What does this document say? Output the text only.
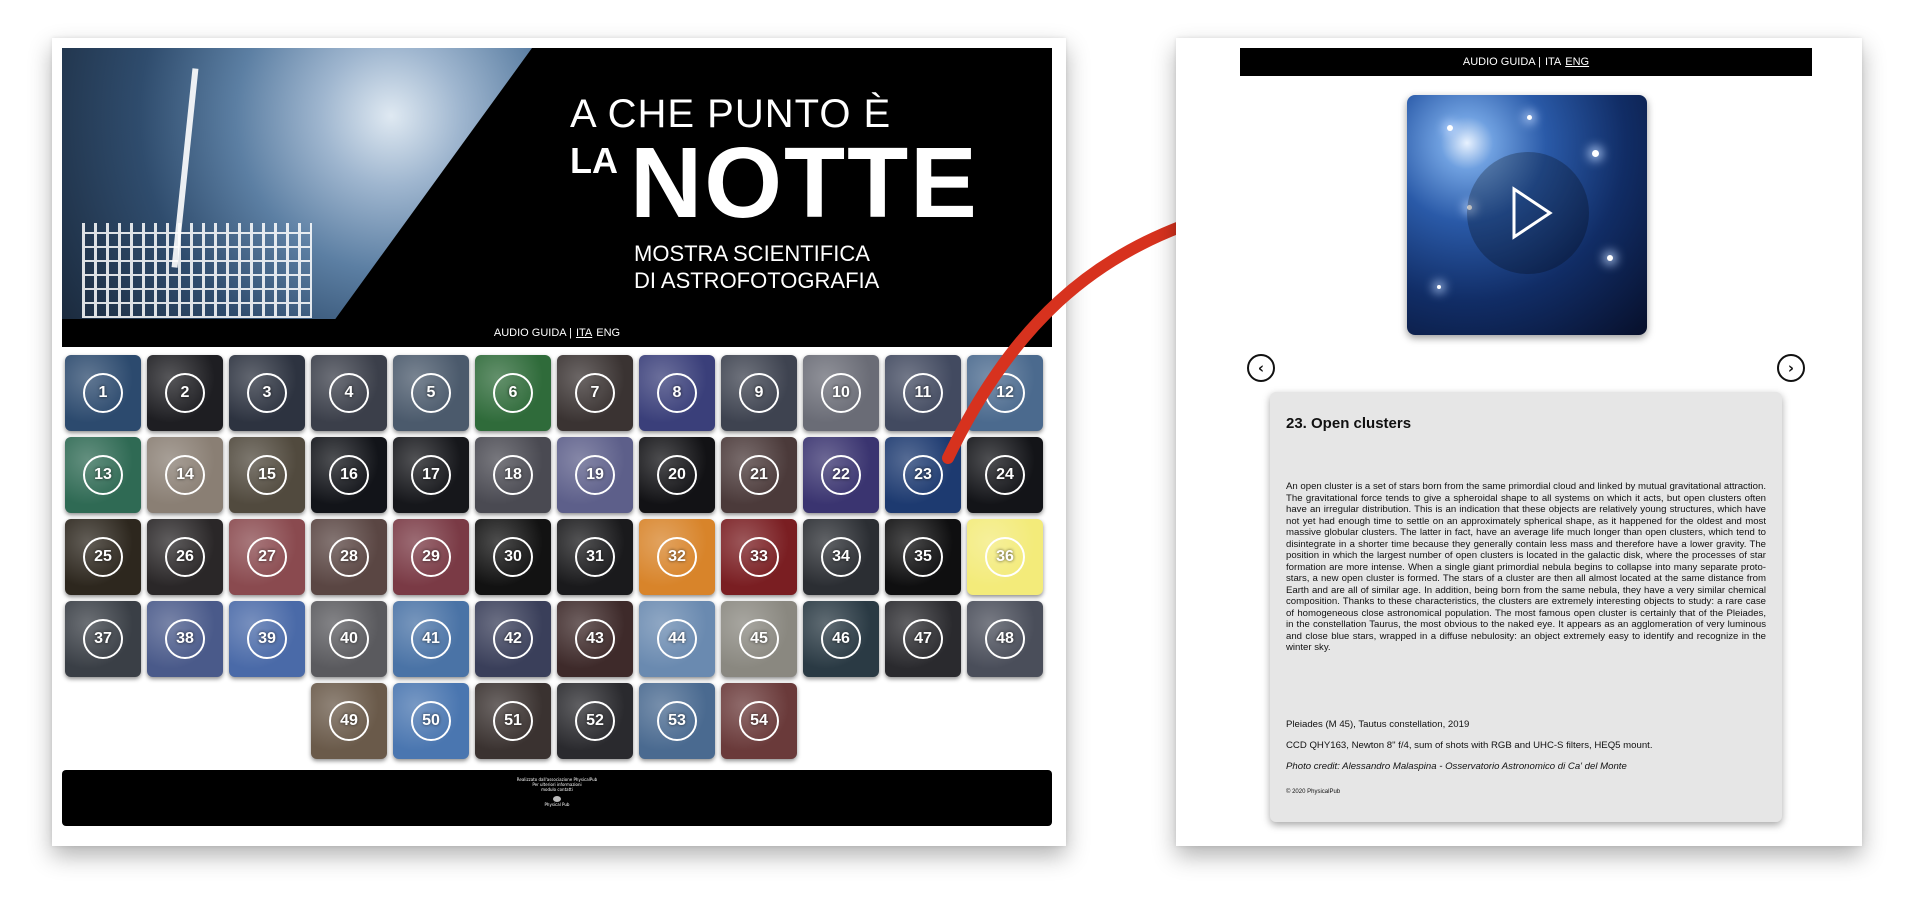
A CHE PUNTO È
LA NOTTE
MOSTRA SCIENTIFICA
DI ASTROFOTOGRAFIA
AUDIO GUIDA | ITA ENG
1	2	3	4	5	6	7	8	9	10	11	12
13	14	15	16	17	18	19	20	21	22	23	24
25	26	27	28	29	30	31	32	33	34	35	36
37	38	39	40	41	42	43	44	45	46	47	48
49	50	51	52	53	54
Realizzato dall'associazione PhysicalPub
Per ulteriori informazioni
modulo contatti
Physical Pub
AUDIO GUIDA | ITA ENG
‹	›
23. Open clusters

An open cluster is a set of stars born from the same primordial cloud and linked by mutual gravitational attraction. The gravitational force tends to give a spheroidal shape to all systems on which it acts, but open clusters often have an irregular distribution. This is an indication that these objects are relatively young structures, which have not yet had enough time to settle on an approximately spherical shape, as it happened for the oldest and most massive globular clusters. The latter in fact, have an average life much longer than open clusters, which tend to disintegrate in a shorter time because they generally contain less mass and therefore have a lower gravity. The position in which the largest number of open clusters is located in the galactic disk, where the processes of star formation are more intense. When a single giant primordial nebula begins to collapse into many separate proto-stars, a new open cluster is formed. The stars of a cluster are then all almost located at the same distance from Earth and are all of similar age. In addition, being born from the same nebula, they have a very similar chemical composition. Thanks to these characteristics, the clusters are extremely interesting objects to study: a rare case of homogeneous close astronomical population. The most famous open cluster is certainly that of the Pleiades, in the constellation Taurus, the most obvious to the naked eye. It appears as an agglomeration of very luminous and close blue stars, wrapped in a diffuse nebulosity: an object extremely easy to identify and recognize in the winter sky.

Pleiades (M 45), Tautus constellation, 2019

CCD QHY163, Newton 8" f/4, sum of shots with RGB and UHC-S filters, HEQ5 mount.

Photo credit: Alessandro Malaspina - Osservatorio Astronomico di Ca' del Monte

© 2020 PhysicalPub
